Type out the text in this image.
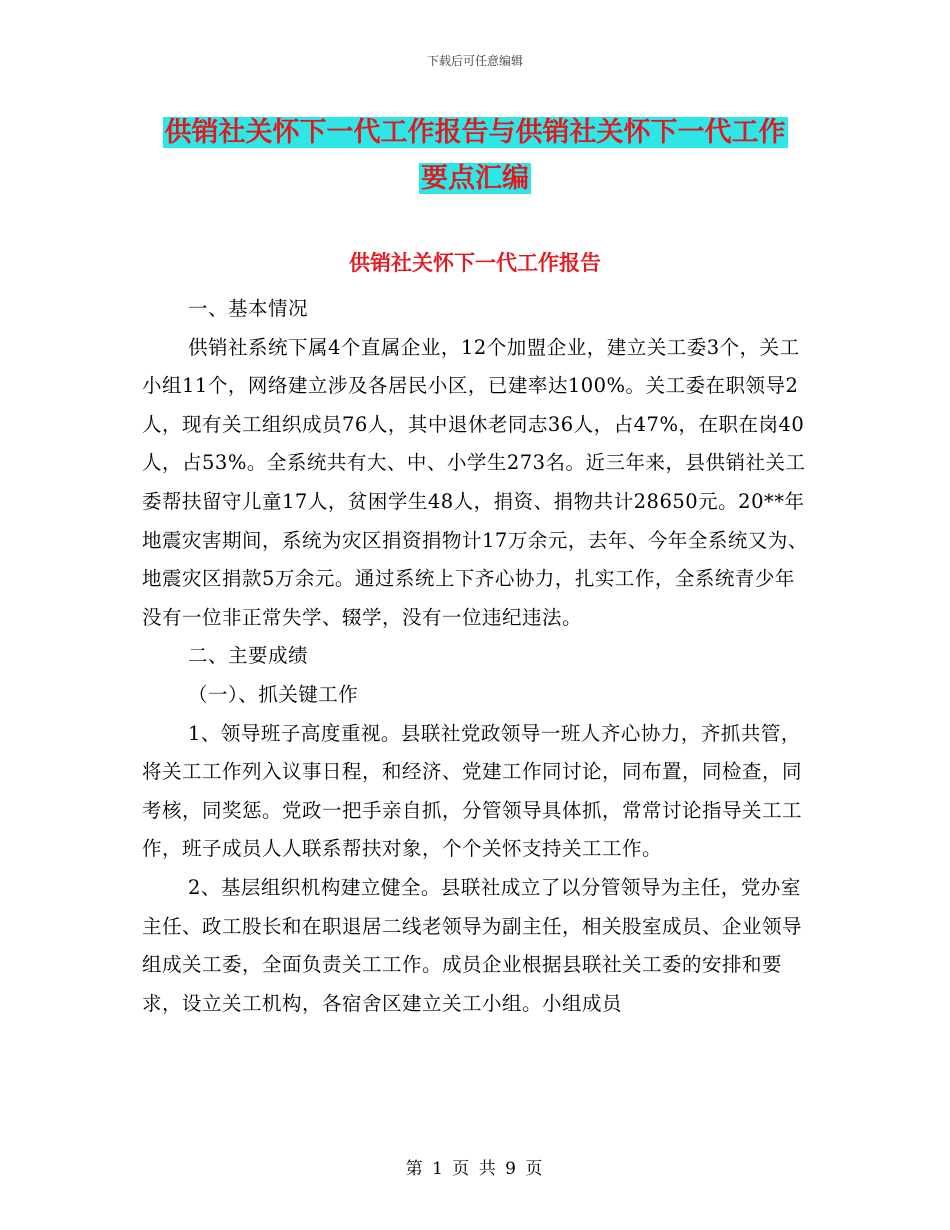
下载后可任意编辑
供销社关怀下一代工作报告与供销社关怀下一代工作
要点汇编
供销社关怀下一代工作报告

一、基本情况

供销社系统下属4个直属企业，12个加盟企业，建立关工委3个，关工小组11个，网络建立涉及各居民小区，已建率达100%。关工委在职领导2人，现有关工组织成员76人，其中退休老同志36人，占47%，在职在岗40人，占53%。全系统共有大、中、小学生273名。近三年来，县供销社关工委帮扶留守儿童17人，贫困学生48人，捐资、捐物共计28650元。20**年地震灾害期间，系统为灾区捐资捐物计17万余元，去年、今年全系统又为、地震灾区捐款5万余元。通过系统上下齐心协力，扎实工作，全系统青少年没有一位非正常失学、辍学，没有一位违纪违法。

二、主要成绩

（一）、抓关键工作

1、领导班子高度重视。县联社党政领导一班人齐心协力，齐抓共管，将关工工作列入议事日程，和经济、党建工作同讨论，同布置，同检查，同考核，同奖惩。党政一把手亲自抓，分管领导具体抓，常常讨论指导关工工作，班子成员人人联系帮扶对象，个个关怀支持关工工作。

2、基层组织机构建立健全。县联社成立了以分管领导为主任，党办室主任、政工股长和在职退居二线老领导为副主任，相关股室成员、企业领导组成关工委，全面负责关工工作。成员企业根据县联社关工委的安排和要求，设立关工机构，各宿舍区建立关工小组。小组成员

第 1 页 共 9 页
